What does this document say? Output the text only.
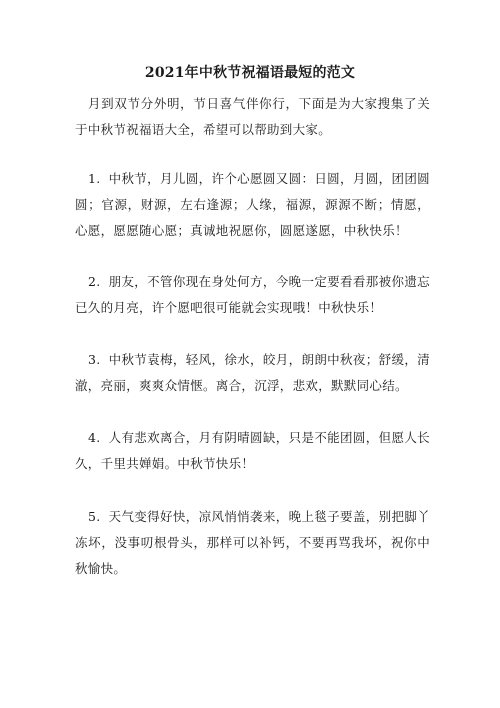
2021年中秋节祝福语最短的范文
月到双节分外明，节日喜气伴你行，下面是为大家搜集了关于中秋节祝福语大全，希望可以帮助到大家。
1. 中秋节，月儿圆，许个心愿圆又圆：日圆，月圆，团团圆圆；官源，财源，左右逢源；人缘，福源，源源不断；情愿，心愿，愿愿随心愿；真诚地祝愿你，圆愿遂愿，中秋快乐！
2. 朋友，不管你现在身处何方，今晚一定要看看那被你遗忘已久的月亮，许个愿吧很可能就会实现哦！中秋快乐！
3. 中秋节袁梅，轻风，徐水，皎月，朗朗中秋夜；舒缓，清澈，亮丽，爽爽众情惬。离合，沉浮，悲欢，默默同心结。
4. 人有悲欢离合，月有阴晴圆缺，只是不能团圆，但愿人长久，千里共婵娟。中秋节快乐！
5. 天气变得好快，凉风悄悄袭来，晚上毯子要盖，别把脚丫冻坏，没事叨根骨头，那样可以补钙，不要再骂我坏，祝你中秋愉快。
